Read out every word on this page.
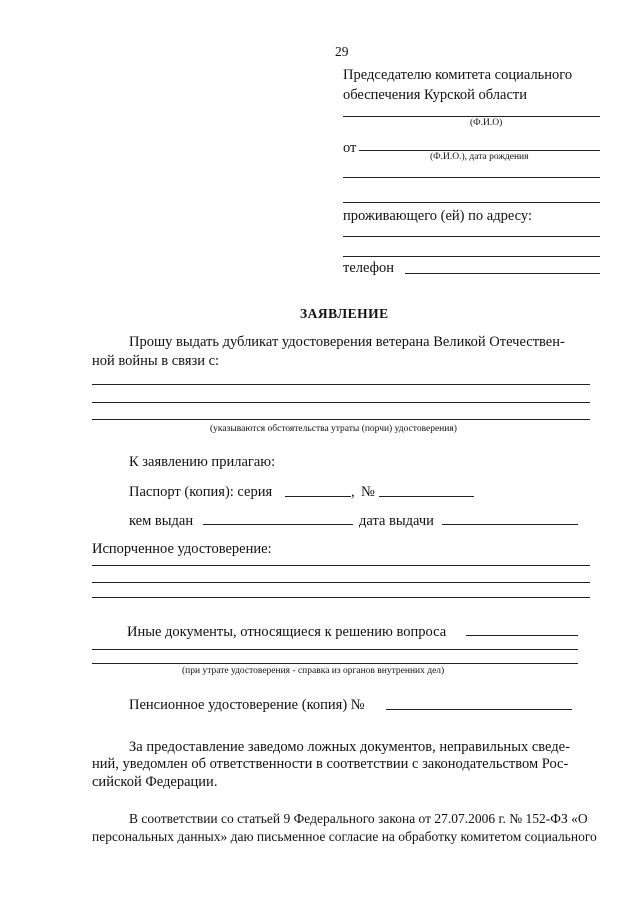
29
Председателю комитета социального
обеспечения Курской области
(Ф.И.О)
от
(Ф.И.О.), дата рождения
проживающего (ей) по адресу:
телефон
ЗАЯВЛЕНИЕ
Прошу выдать дубликат удостоверения ветерана Великой Отечествен-
ной войны в связи с:
(указываются обстоятельства утраты (порчи) удостоверения)
К заявлению прилагаю:
Паспорт (копия): серия	, №
кем выдан	дата выдачи
Испорченное удостоверение:
Иные документы, относящиеся к решению вопроса
(при утрате удостоверения - справка из органов внутренних дел)
Пенсионное удостоверение (копия) №
За предоставление заведомо ложных документов, неправильных сведе-
ний, уведомлен об ответственности в соответствии с законодательством Рос-
сийской Федерации.
В соответствии со статьей 9 Федерального закона от 27.07.2006 г. № 152-ФЗ «О
персональных данных» даю письменное согласие на обработку комитетом социального
